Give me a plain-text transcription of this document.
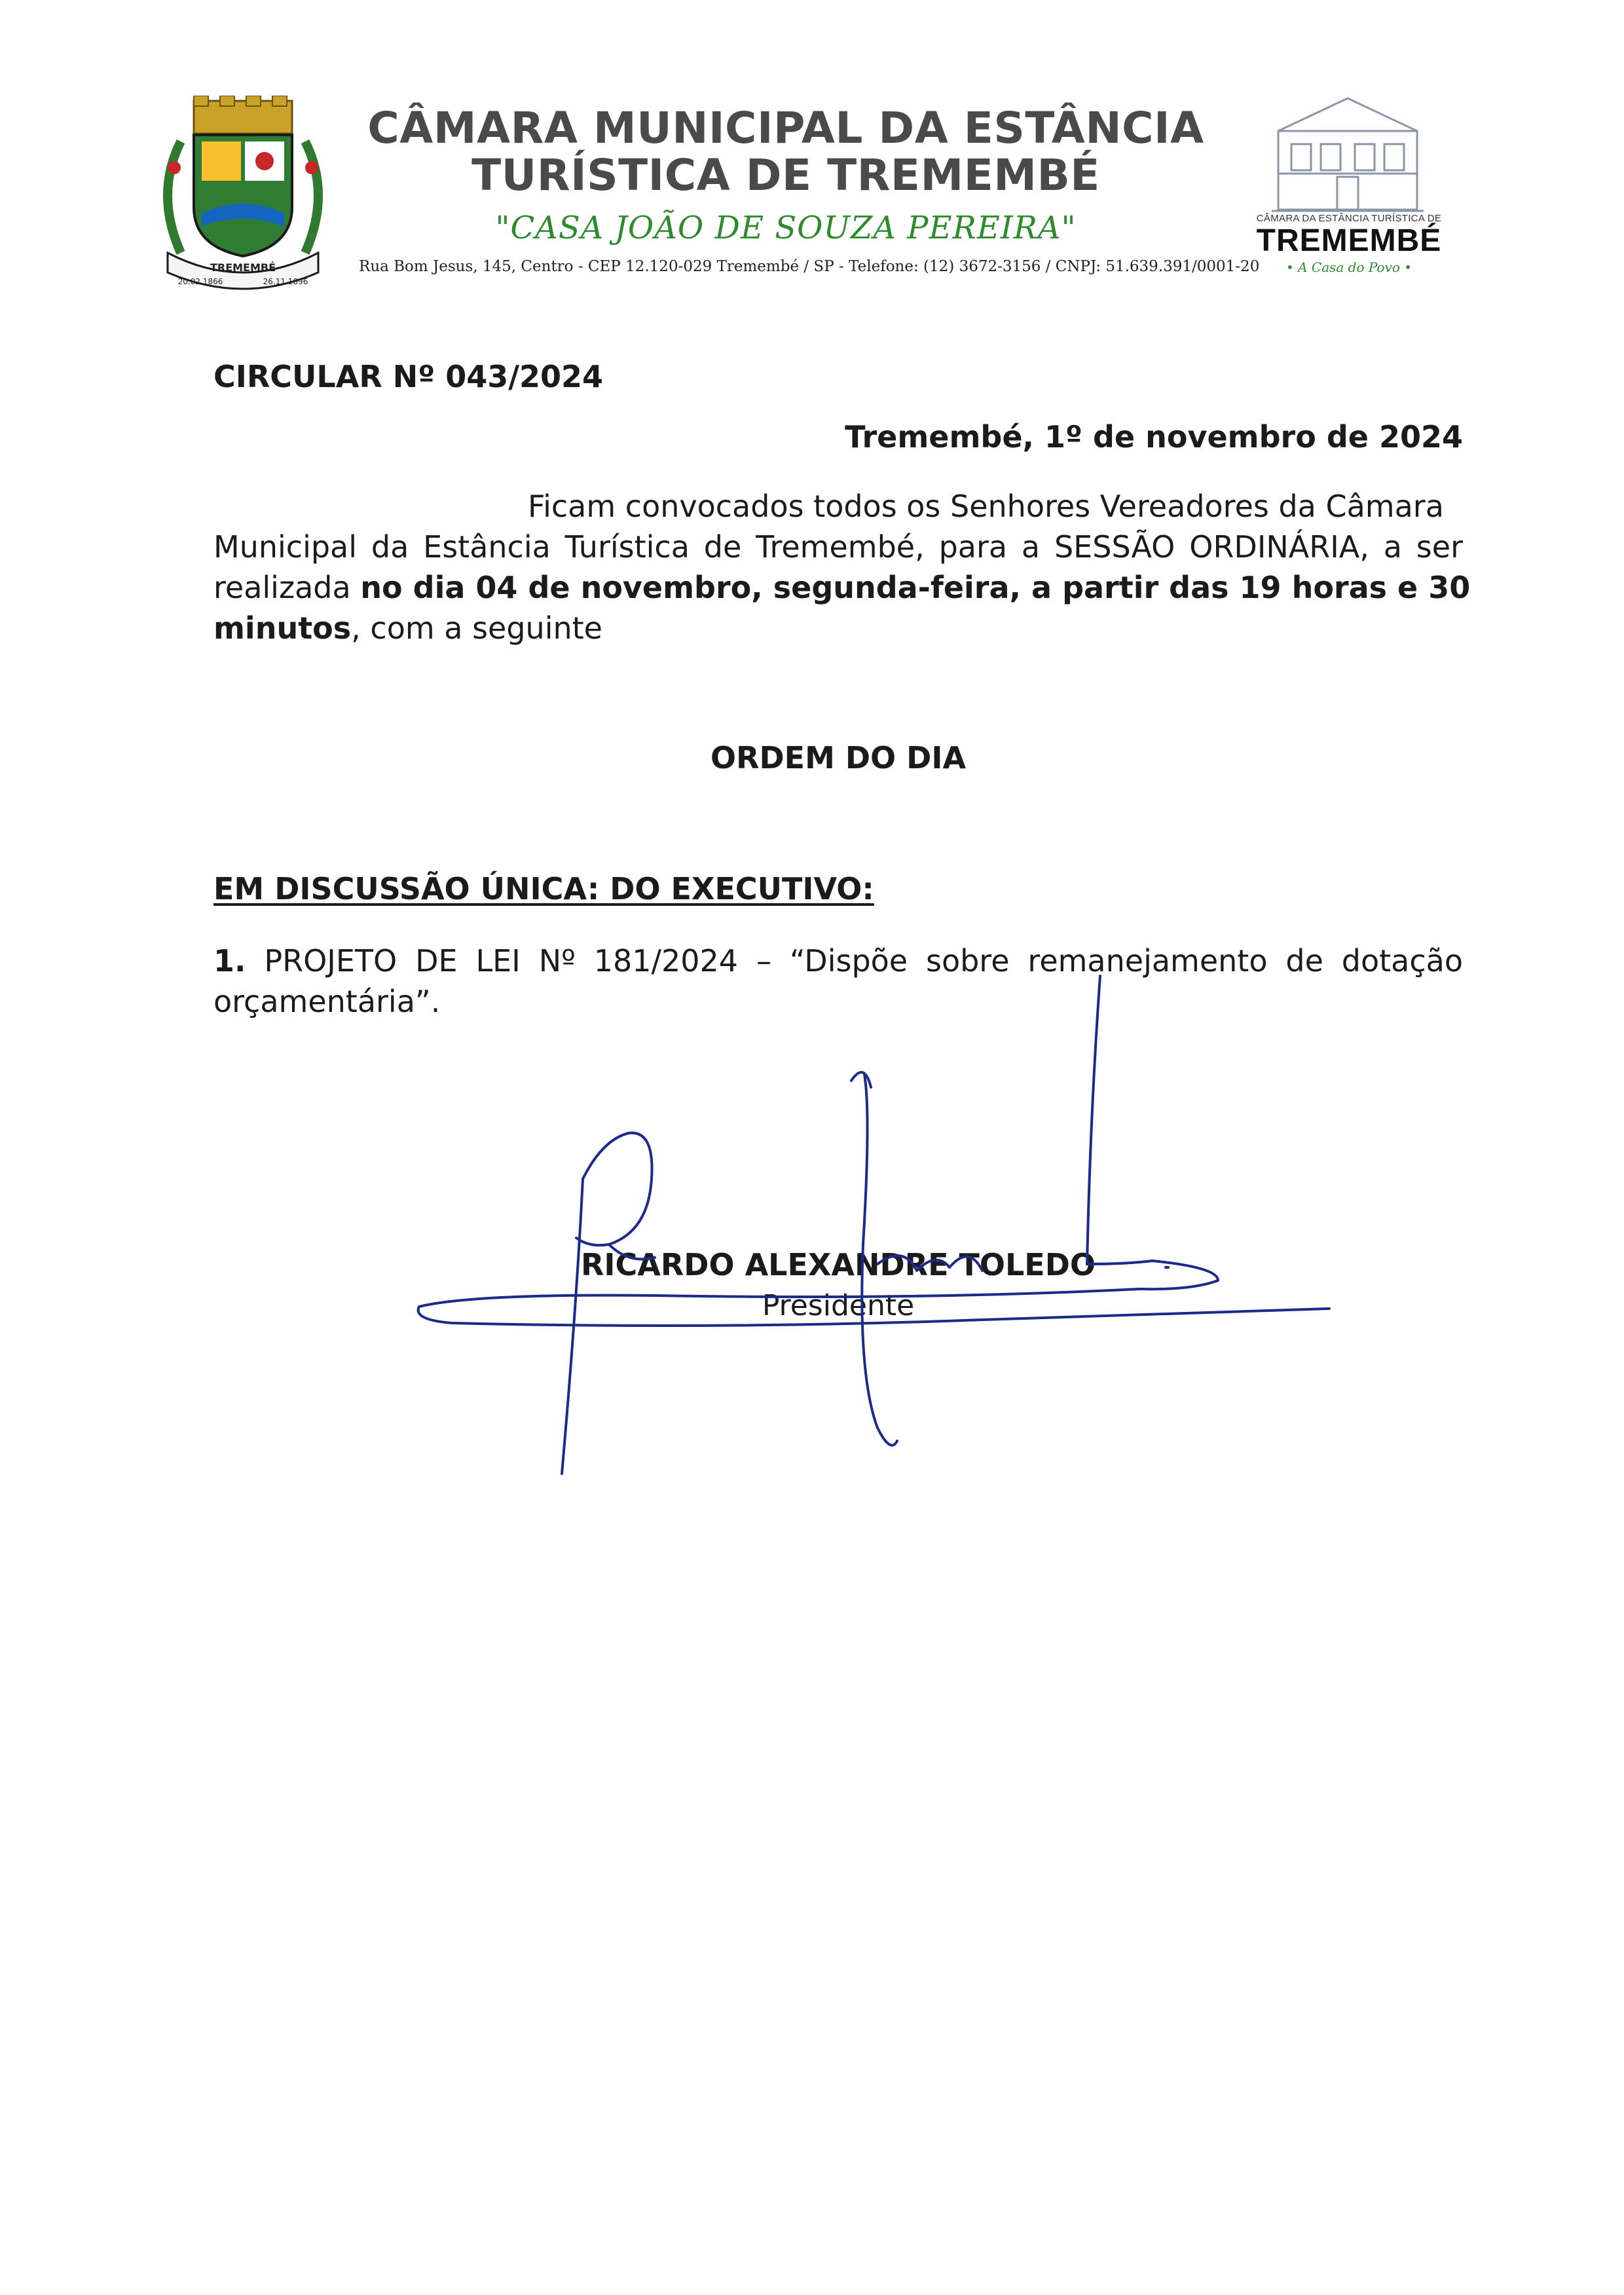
TREMEMBÉ
20.02.1866	26.11.1896
CÂMARA MUNICIPAL DA ESTÂNCIA
TURÍSTICA DE TREMEMBÉ
"CASA JOÃO DE SOUZA PEREIRA"
Rua Bom Jesus, 145, Centro - CEP 12.120-029 Tremembé / SP - Telefone: (12) 3672-3156 / CNPJ: 51.639.391/0001-20
CÂMARA DA ESTÂNCIA TURÍSTICA DE
TREMEMBÉ
• A Casa do Povo •
CIRCULAR Nº 043/2024
Tremembé, 1º de novembro de 2024
Ficam convocados todos os Senhores Vereadores da Câmara
Municipal da Estância Turística de Tremembé, para a SESSÃO ORDINÁRIA, a ser
realizada no dia 04 de novembro, segunda-feira, a partir das 19 horas e 30
minutos, com a seguinte
ORDEM DO DIA
EM DISCUSSÃO ÚNICA: DO EXECUTIVO:
1. PROJETO DE LEI Nº 181/2024 – “Dispõe sobre remanejamento de dotação
orçamentária”.
RICARDO ALEXANDRE TOLEDO
Presidente
